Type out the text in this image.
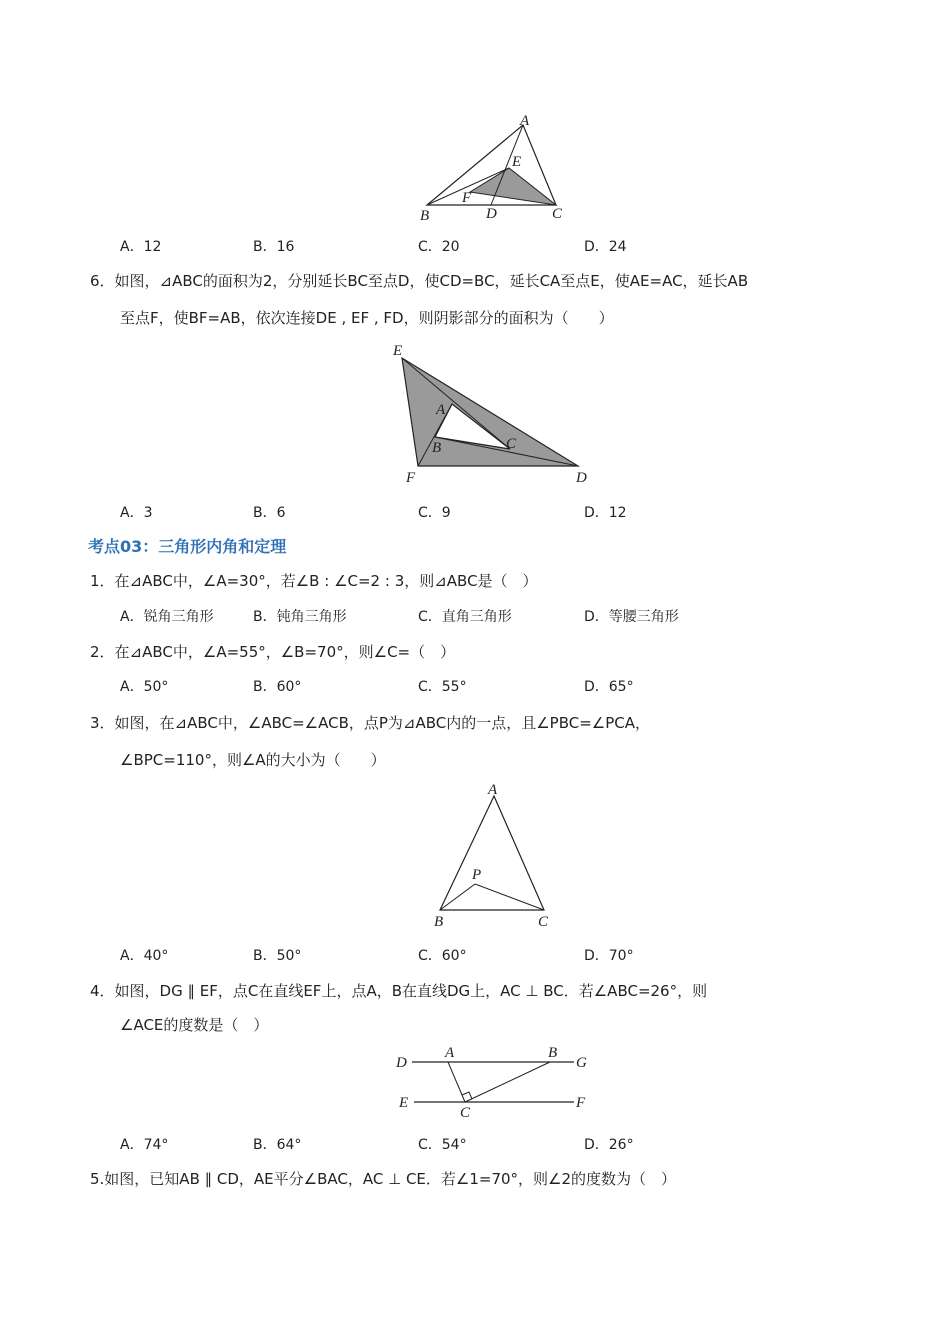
A
E
F
B	D	C
A．12	B．16	C．20	D．24
6．如图，⊿ABC的面积为2，分别延长BC至点D，使CD=BC，延长CA至点E，使AE=AC，延长AB
至点F，使BF=AB，依次连接DE , EF , FD，则阴影部分的面积为（　　）
E
A
B	C
F	D
A．3	B．6	C．9	D．12
考点03：三角形内角和定理
1．在⊿ABC中，∠A=30°，若∠B : ∠C=2 : 3，则⊿ABC是（　）
A．锐角三角形	B．钝角三角形	C．直角三角形	D．等腰三角形
2．在⊿ABC中，∠A=55°，∠B=70°，则∠C=（　）
A．50°	B．60°	C．55°	D．65°
3．如图，在⊿ABC中，∠ABC=∠ACB，点P为⊿ABC内的一点，且∠PBC=∠PCA，
∠BPC=110°，则∠A的大小为（　　）
A
P
B	C
A．40°	B．50°	C．60°	D．70°
4．如图，DG ∥ EF，点C在直线EF上，点A，B在直线DG上，AC ⊥ BC．若∠ABC=26°，则
∠ACE的度数是（　）
D
A	B
G
E
C
F
A．74°	B．64°	C．54°	D．26°
5.如图，已知AB ∥ CD，AE平分∠BAC，AC ⊥ CE．若∠1=70°，则∠2的度数为（　）
